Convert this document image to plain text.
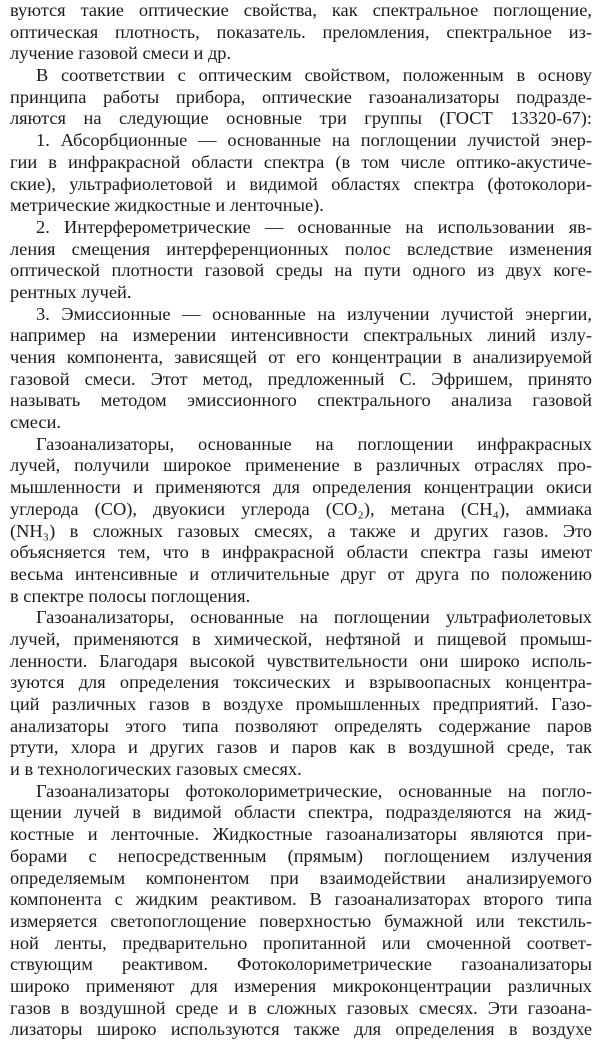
вуются такие оптические свойства, как спектральное поглощение,
оптическая плотность, показатель. преломления, спектральное из-
лучение газовой смеси и др.
В соответствии с оптическим свойством, положенным в основу
принципа работы прибора, оптические газоанализаторы подразде-
ляются на следующие основные три группы (ГОСТ 13320-67):
1. Абсорбционные — основанные на поглощении лучистой энер-
гии в инфракрасной области спектра (в том числе оптико-акустиче-
ские), ультрафиолетовой и видимой областях спектра (фотоколори-
метрические жидкостные и ленточные).
2. Интерферометрические — основанные на использовании яв-
ления смещения интерференционных полос вследствие изменения
оптической плотности газовой среды на пути одного из двух коге-
рентных лучей.
3. Эмиссионные — основанные на излучении лучистой энергии,
например на измерении интенсивности спектральных линий излу-
чения компонента, зависящей от его концентрации в анализируемой
газовой смеси. Этот метод, предложенный С. Эфришем, принято
называть методом эмиссионного спектрального анализа газовой
смеси.
Газоанализаторы, основанные на поглощении инфракрасных
лучей, получили широкое применение в различных отраслях про-
мышленности и применяются для определения концентрации окиси
углерода (СО), двуокиси углерода (СО₂), метана (СН₄), аммиака
(NН₃) в сложных газовых смесях, а также и других газов. Это
объясняется тем, что в инфракрасной области спектра газы имеют
весьма интенсивные и отличительные друг от друга по положению
в спектре полосы поглощения.
Газоанализаторы, основанные на поглощении ультрафиолетовых
лучей, применяются в химической, нефтяной и пищевой промыш-
ленности. Благодаря высокой чувствительности они широко исполь-
зуются для определения токсических и взрывоопасных концентра-
ций различных газов в воздухе промышленных предприятий. Газо-
анализаторы этого типа позволяют определять содержание паров
ртути, хлора и других газов и паров как в воздушной среде, так
и в технологических газовых смесях.
Газоанализаторы фотоколориметрические, основанные на погло-
щении лучей в видимой области спектра, подразделяются на жид-
костные и ленточные. Жидкостные газоанализаторы являются при-
борами с непосредственным (прямым) поглощением излучения
определяемым компонентом при взаимодействии анализируемого
компонента с жидким реактивом. В газоанализаторах второго типа
измеряется светопоглощение поверхностью бумажной или текстиль-
ной ленты, предварительно пропитанной или смоченной соответ-
ствующим реактивом. Фотоколориметрические газоанализаторы
широко применяют для измерения микроконцентрации различных
газов в воздушной среде и в сложных газовых смесях. Эти газоана-
лизаторы широко используются также для определения в воздухе
